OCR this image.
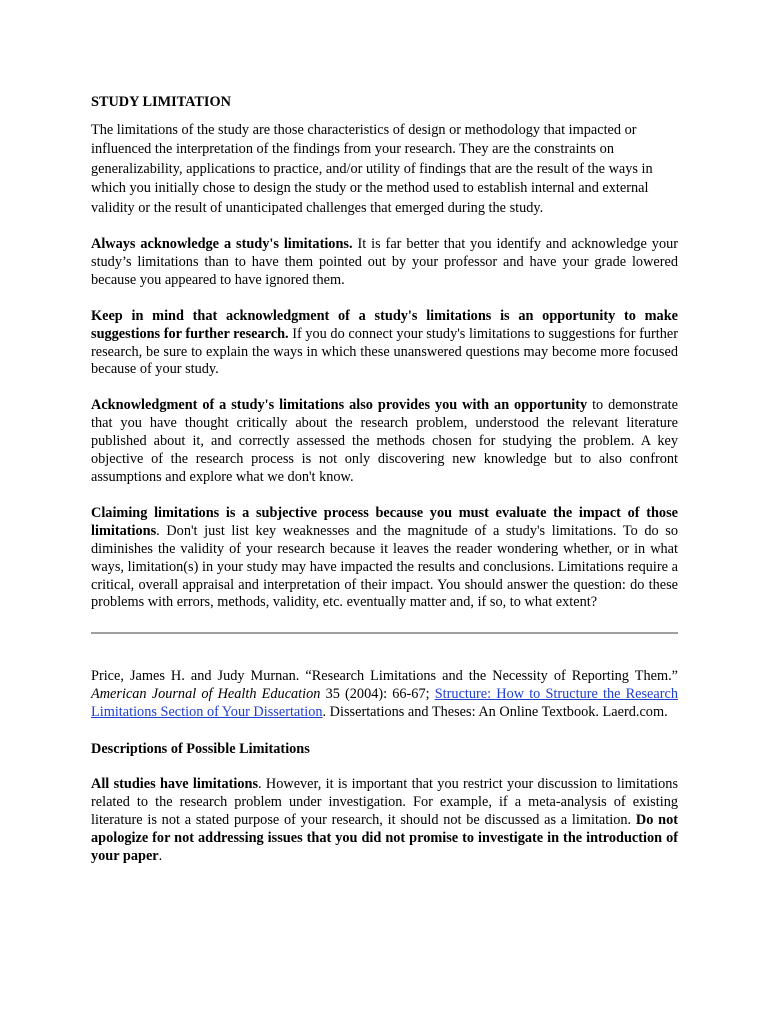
STUDY LIMITATION

The limitations of the study are those characteristics of design or methodology that impacted or influenced the interpretation of the findings from your research. They are the constraints on generalizability, applications to practice, and/or utility of findings that are the result of the ways in which you initially chose to design the study or the method used to establish internal and external validity or the result of unanticipated challenges that emerged during the study.

Always acknowledge a study's limitations. It is far better that you identify and acknowledge your study’s limitations than to have them pointed out by your professor and have your grade lowered because you appeared to have ignored them.

Keep in mind that acknowledgment of a study's limitations is an opportunity to make suggestions for further research. If you do connect your study's limitations to suggestions for further research, be sure to explain the ways in which these unanswered questions may become more focused because of your study.

Acknowledgment of a study's limitations also provides you with an opportunity to demonstrate that you have thought critically about the research problem, understood the relevant literature published about it, and correctly assessed the methods chosen for studying the problem. A key objective of the research process is not only discovering new knowledge but to also confront assumptions and explore what we don't know.

Claiming limitations is a subjective process because you must evaluate the impact of those limitations. Don't just list key weaknesses and the magnitude of a study's limitations. To do so diminishes the validity of your research because it leaves the reader wondering whether, or in what ways, limitation(s) in your study may have impacted the results and conclusions. Limitations require a critical, overall appraisal and interpretation of their impact. You should answer the question: do these problems with errors, methods, validity, etc. eventually matter and, if so, to what extent?

Price, James H. and Judy Murnan. “Research Limitations and the Necessity of Reporting Them.” American Journal of Health Education 35 (2004): 66-67; Structure: How to Structure the Research Limitations Section of Your Dissertation. Dissertations and Theses: An Online Textbook. Laerd.com.

Descriptions of Possible Limitations

All studies have limitations. However, it is important that you restrict your discussion to limitations related to the research problem under investigation. For example, if a meta-analysis of existing literature is not a stated purpose of your research, it should not be discussed as a limitation. Do not apologize for not addressing issues that you did not promise to investigate in the introduction of your paper.
